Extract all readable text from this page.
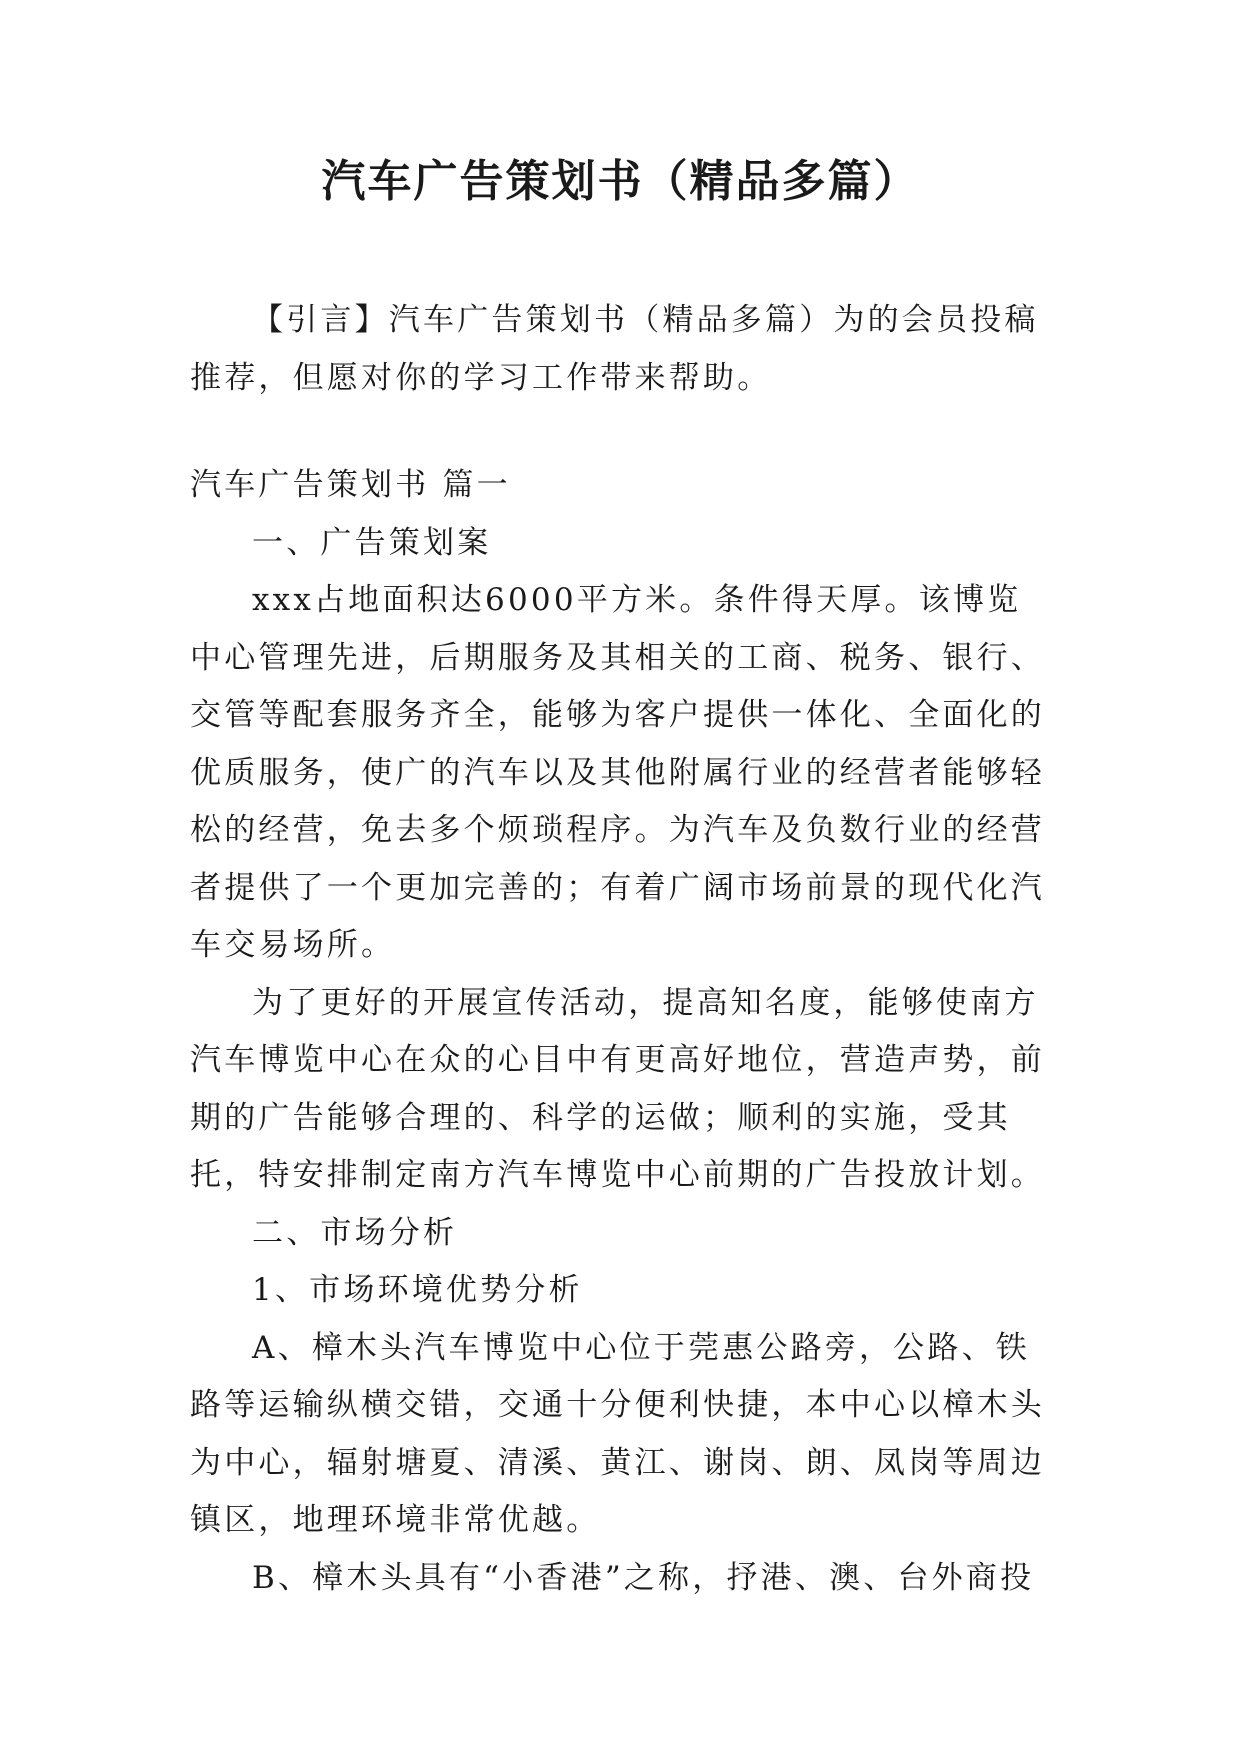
汽车广告策划书（精品多篇）

【引言】汽车广告策划书（精品多篇）为的会员投稿推荐，但愿对你的学习工作带来帮助。

汽车广告策划书 篇一

一、广告策划案

xxx占地面积达6000平方米。条件得天厚。该博览中心管理先进，后期服务及其相关的工商、税务、银行、交管等配套服务齐全，能够为客户提供一体化、全面化的优质服务，使广的汽车以及其他附属行业的经营者能够轻松的经营，免去多个烦琐程序。为汽车及负数行业的经营者提供了一个更加完善的；有着广阔市场前景的现代化汽车交易场所。

为了更好的开展宣传活动，提高知名度，能够使南方汽车博览中心在众的心目中有更高好地位，营造声势，前期的广告能够合理的、科学的运做；顺利的实施，受其托，特安排制定南方汽车博览中心前期的广告投放计划。

二、市场分析

1、市场环境优势分析

A、樟木头汽车博览中心位于莞惠公路旁，公路、铁路等运输纵横交错，交通十分便利快捷，本中心以樟木头为中心，辐射塘夏、清溪、黄江、谢岗、朗、凤岗等周边镇区，地理环境非常优越。

B、樟木头具有“小香港”之称，抒港、澳、台外商投
